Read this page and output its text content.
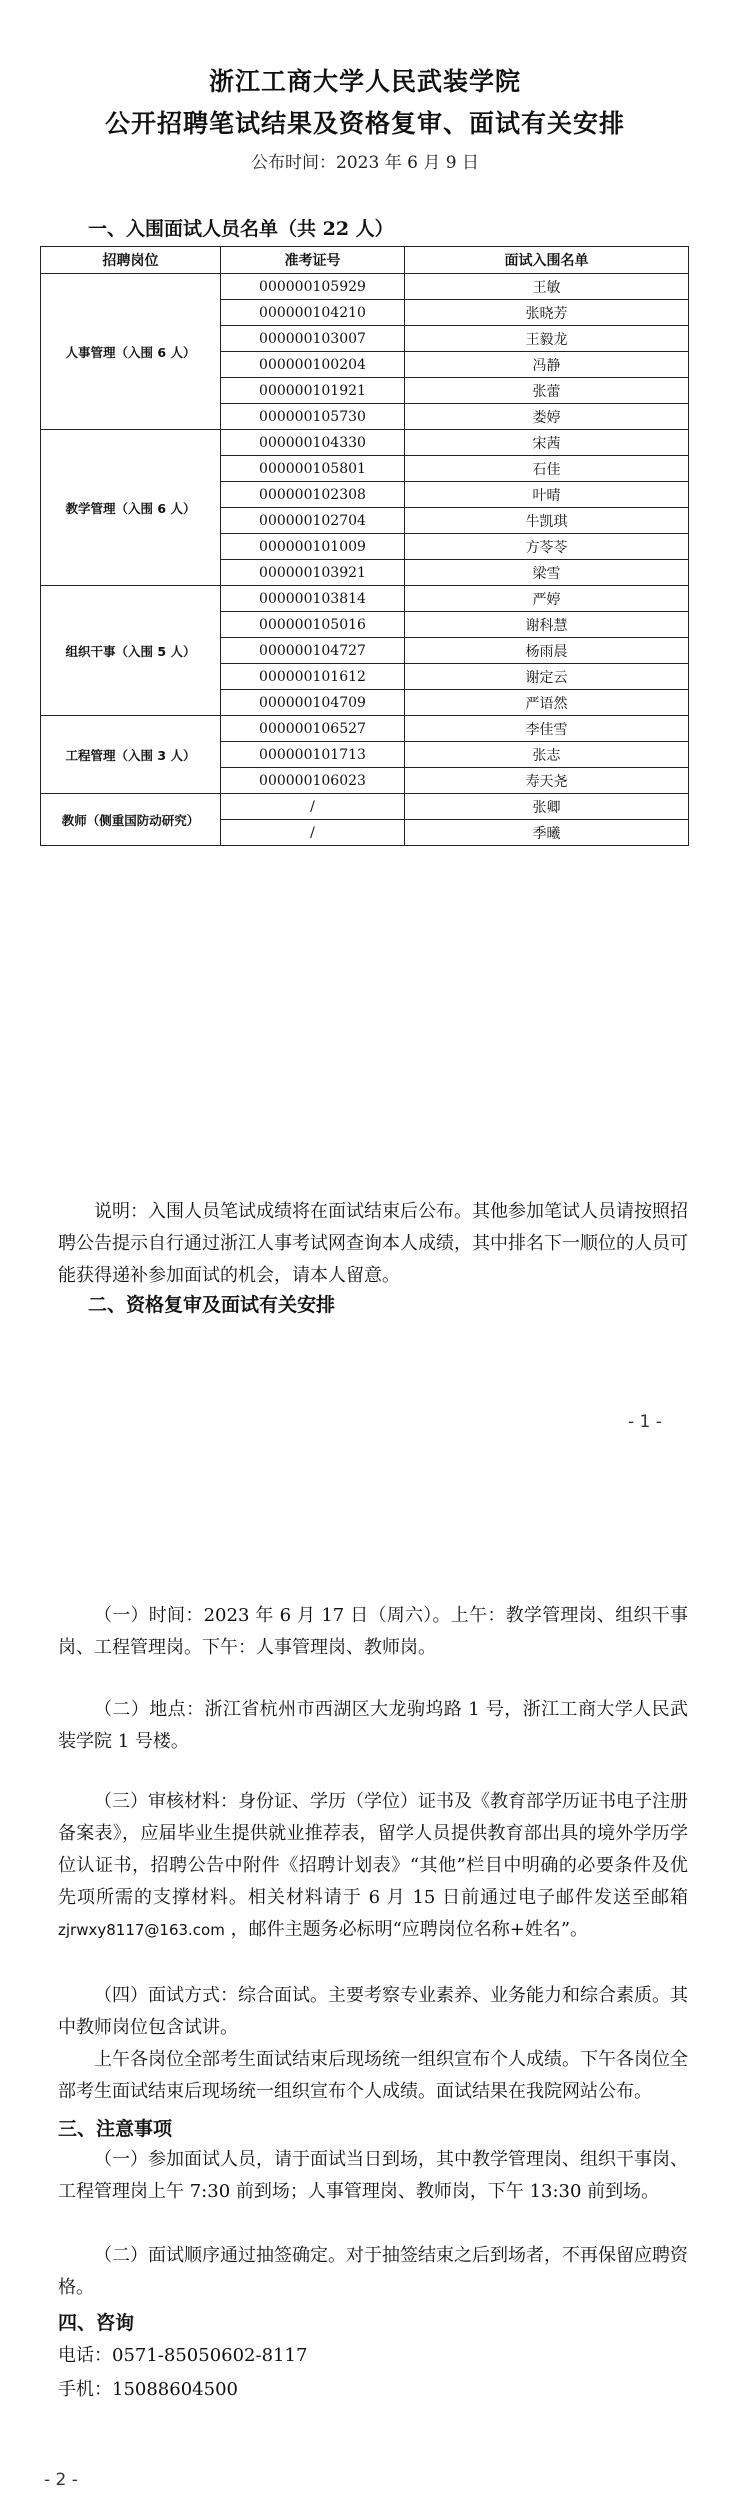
浙江工商大学人民武装学院
公开招聘笔试结果及资格复审、面试有关安排
公布时间：2023 年 6 月 9 日
一、入围面试人员名单（共 22 人）
招聘岗位	准考证号	面试入围名单
人事管理（入围 6 人）	000000105929	王敏
	000000104210	张晓芳
	000000103007	王毅龙
	000000100204	冯静
	000000101921	张蕾
	000000105730	娄婷
教学管理（入围 6 人）	000000104330	宋茜
	000000105801	石佳
	000000102308	叶晴
	000000102704	牛凯琪
	000000101009	方苓苓
	000000103921	梁雪
组织干事（入围 5 人）	000000103814	严婷
	000000105016	谢科慧
	000000104727	杨雨晨
	000000101612	谢定云
	000000104709	严语然
工程管理（入围 3 人）	000000106527	李佳雪
	000000101713	张志
	000000106023	寿天尧
教师（侧重国防动研究）	/	张卿
	/	季曦
说明：入围人员笔试成绩将在面试结束后公布。其他参加笔试人员请按照招聘公告提示自行通过浙江人事考试网查询本人成绩，其中排名下一顺位的人员可能获得递补参加面试的机会，请本人留意。
二、资格复审及面试有关安排
- 1 -
（一）时间：2023 年 6 月 17 日（周六）。上午：教学管理岗、组织干事岗、工程管理岗。下午：人事管理岗、教师岗。
（二）地点：浙江省杭州市西湖区大龙驹坞路 1 号，浙江工商大学人民武装学院 1 号楼。
（三）审核材料：身份证、学历（学位）证书及《教育部学历证书电子注册备案表》，应届毕业生提供就业推荐表，留学人员提供教育部出具的境外学历学位认证书，招聘公告中附件《招聘计划表》“其他”栏目中明确的必要条件及优先项所需的支撑材料。相关材料请于 6 月 15 日前通过电子邮件发送至邮箱 zjrwxy8117@163.com ，邮件主题务必标明“应聘岗位名称+姓名”。
（四）面试方式：综合面试。主要考察专业素养、业务能力和综合素质。其中教师岗位包含试讲。
上午各岗位全部考生面试结束后现场统一组织宣布个人成绩。下午各岗位全部考生面试结束后现场统一组织宣布个人成绩。面试结果在我院网站公布。
三、注意事项
（一）参加面试人员，请于面试当日到场，其中教学管理岗、组织干事岗、工程管理岗上午 7:30 前到场；人事管理岗、教师岗，下午 13:30 前到场。
（二）面试顺序通过抽签确定。对于抽签结束之后到场者，不再保留应聘资格。
四、咨询
电话：0571-85050602-8117
手机：15088604500
- 2 -
